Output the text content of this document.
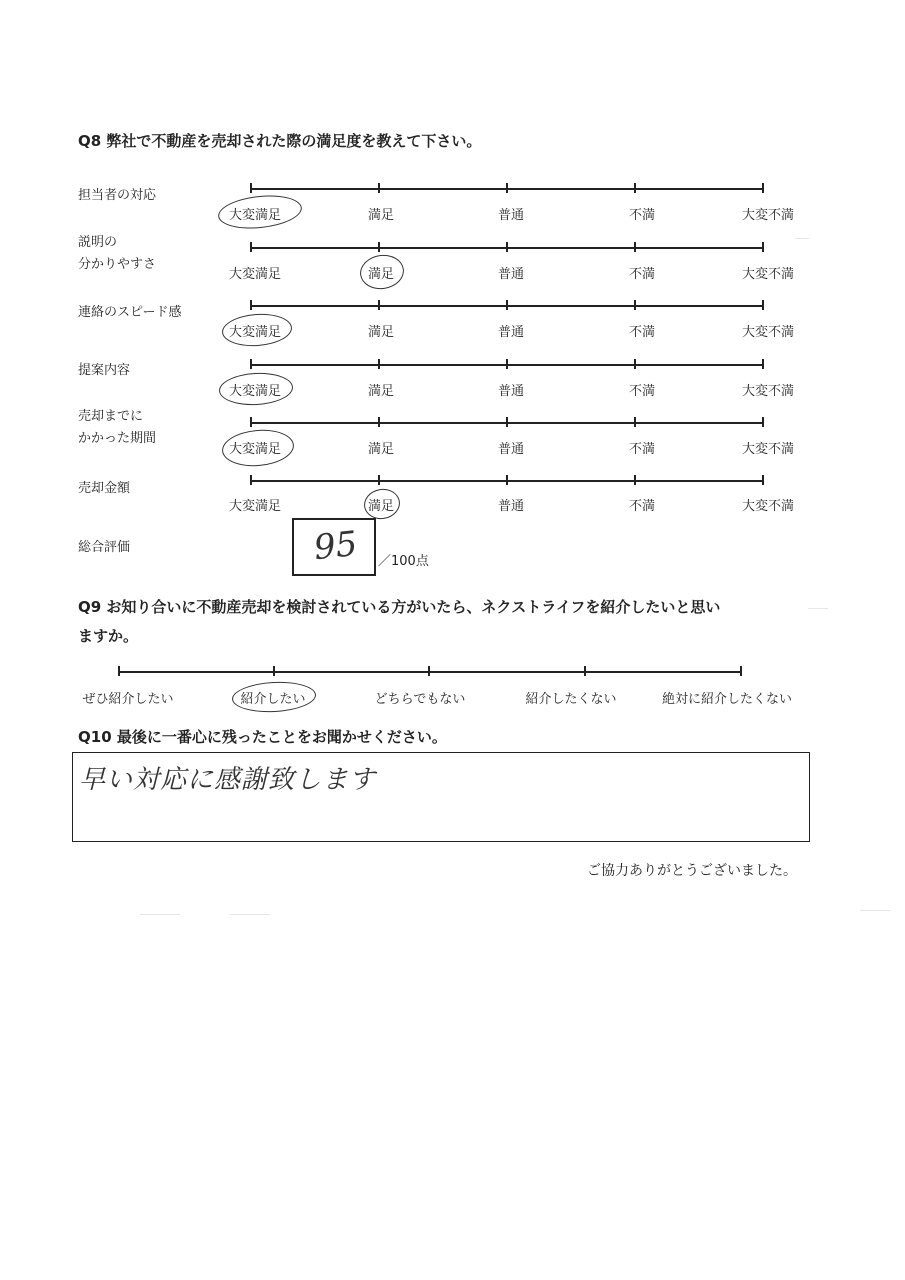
Q8 弊社で不動産を売却された際の満足度を教えて下さい。
担当者の対応
大変満足	満足	普通	不満	大変不満
説明の
分かりやすさ
大変満足	満足	普通	不満	大変不満
連絡のスピード感
大変満足	満足	普通	不満	大変不満
提案内容
大変満足	満足	普通	不満	大変不満
売却までに
かかった期間
大変満足	満足	普通	不満	大変不満
売却金額
大変満足	満足	普通	不満	大変不満
総合評価	95 ／100点
Q9 お知り合いに不動産売却を検討されている方がいたら、ネクストライフを紹介したいと思い
ますか。
ぜひ紹介したい	紹介したい	どちらでもない	紹介したくない	絶対に紹介したくない
Q10 最後に一番心に残ったことをお聞かせください。
早い対応に感謝致します
ご協力ありがとうございました。
